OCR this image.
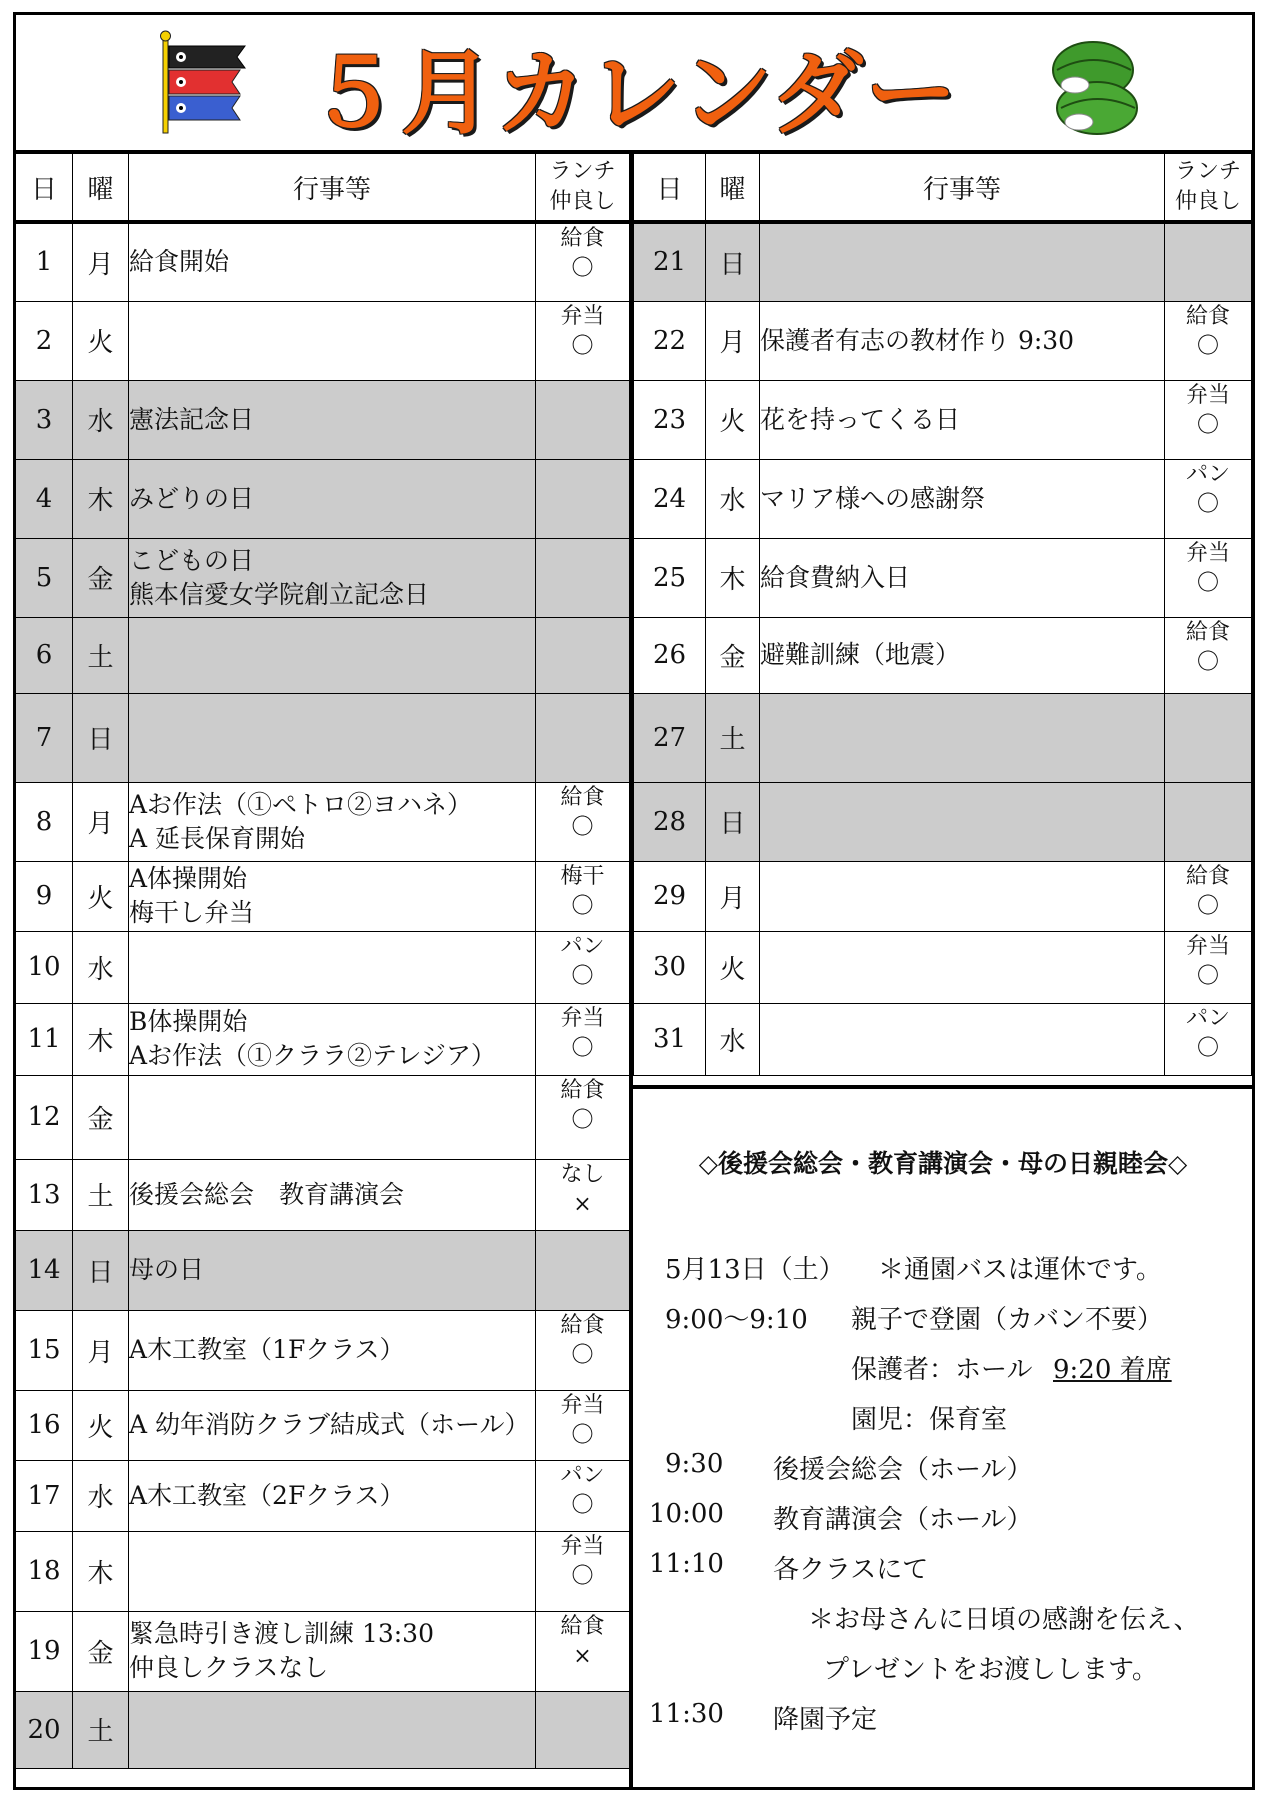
５月カレンダー
日	曜	行事等	ランチ
仲良し

1	月	給食開始	給食
〇

2	火		弁当
〇

3	水	憲法記念日	

4	木	みどりの日	

5	金	こどもの日
熊本信愛女学院創立記念日	

6	土		
7	日		
8	月	Aお作法（①ペトロ②ヨハネ）
A 延長保育開始	給食
〇

9	火	A体操開始
梅干し弁当	梅干
〇

10	水		パン
〇

11	木	B体操開始
Aお作法（①クララ②テレジア）	弁当
〇

12	金		給食
〇

13	土	後援会総会　教育講演会	なし
×

14	日	母の日	

15	月	A木工教室（1Fクラス）	給食
〇

16	火	A 幼年消防クラブ結成式（ホール）	弁当
〇

17	水	A木工教室（2Fクラス）	パン
〇

18	木		弁当
〇

19	金	緊急時引き渡し訓練 13:30
仲良しクラスなし	給食
×

20	土		
日	曜	行事等	ランチ
仲良し

21	日		
22	月	保護者有志の教材作り 9:30	給食
〇

23	火	花を持ってくる日	弁当
〇

24	水	マリア様への感謝祭	パン
〇

25	木	給食費納入日	弁当
〇

26	金	避難訓練（地震）	給食
〇

27	土		
28	日		
29	月		給食
〇

30	火		弁当
〇

31	水		パン
〇
◇後援会総会・教育講演会・母の日親睦会◇
5月13日（土） ＊通園バスは運休です。
9:00～9:10 親子で登園（カバン不要）
保護者：ホール 9:20 着席
園児：保育室
9:30 後援会総会（ホール）
10:00 教育講演会（ホール）
11:10 各クラスにて
＊お母さんに日頃の感謝を伝え、
プレゼントをお渡しします。
11:30 降園予定
